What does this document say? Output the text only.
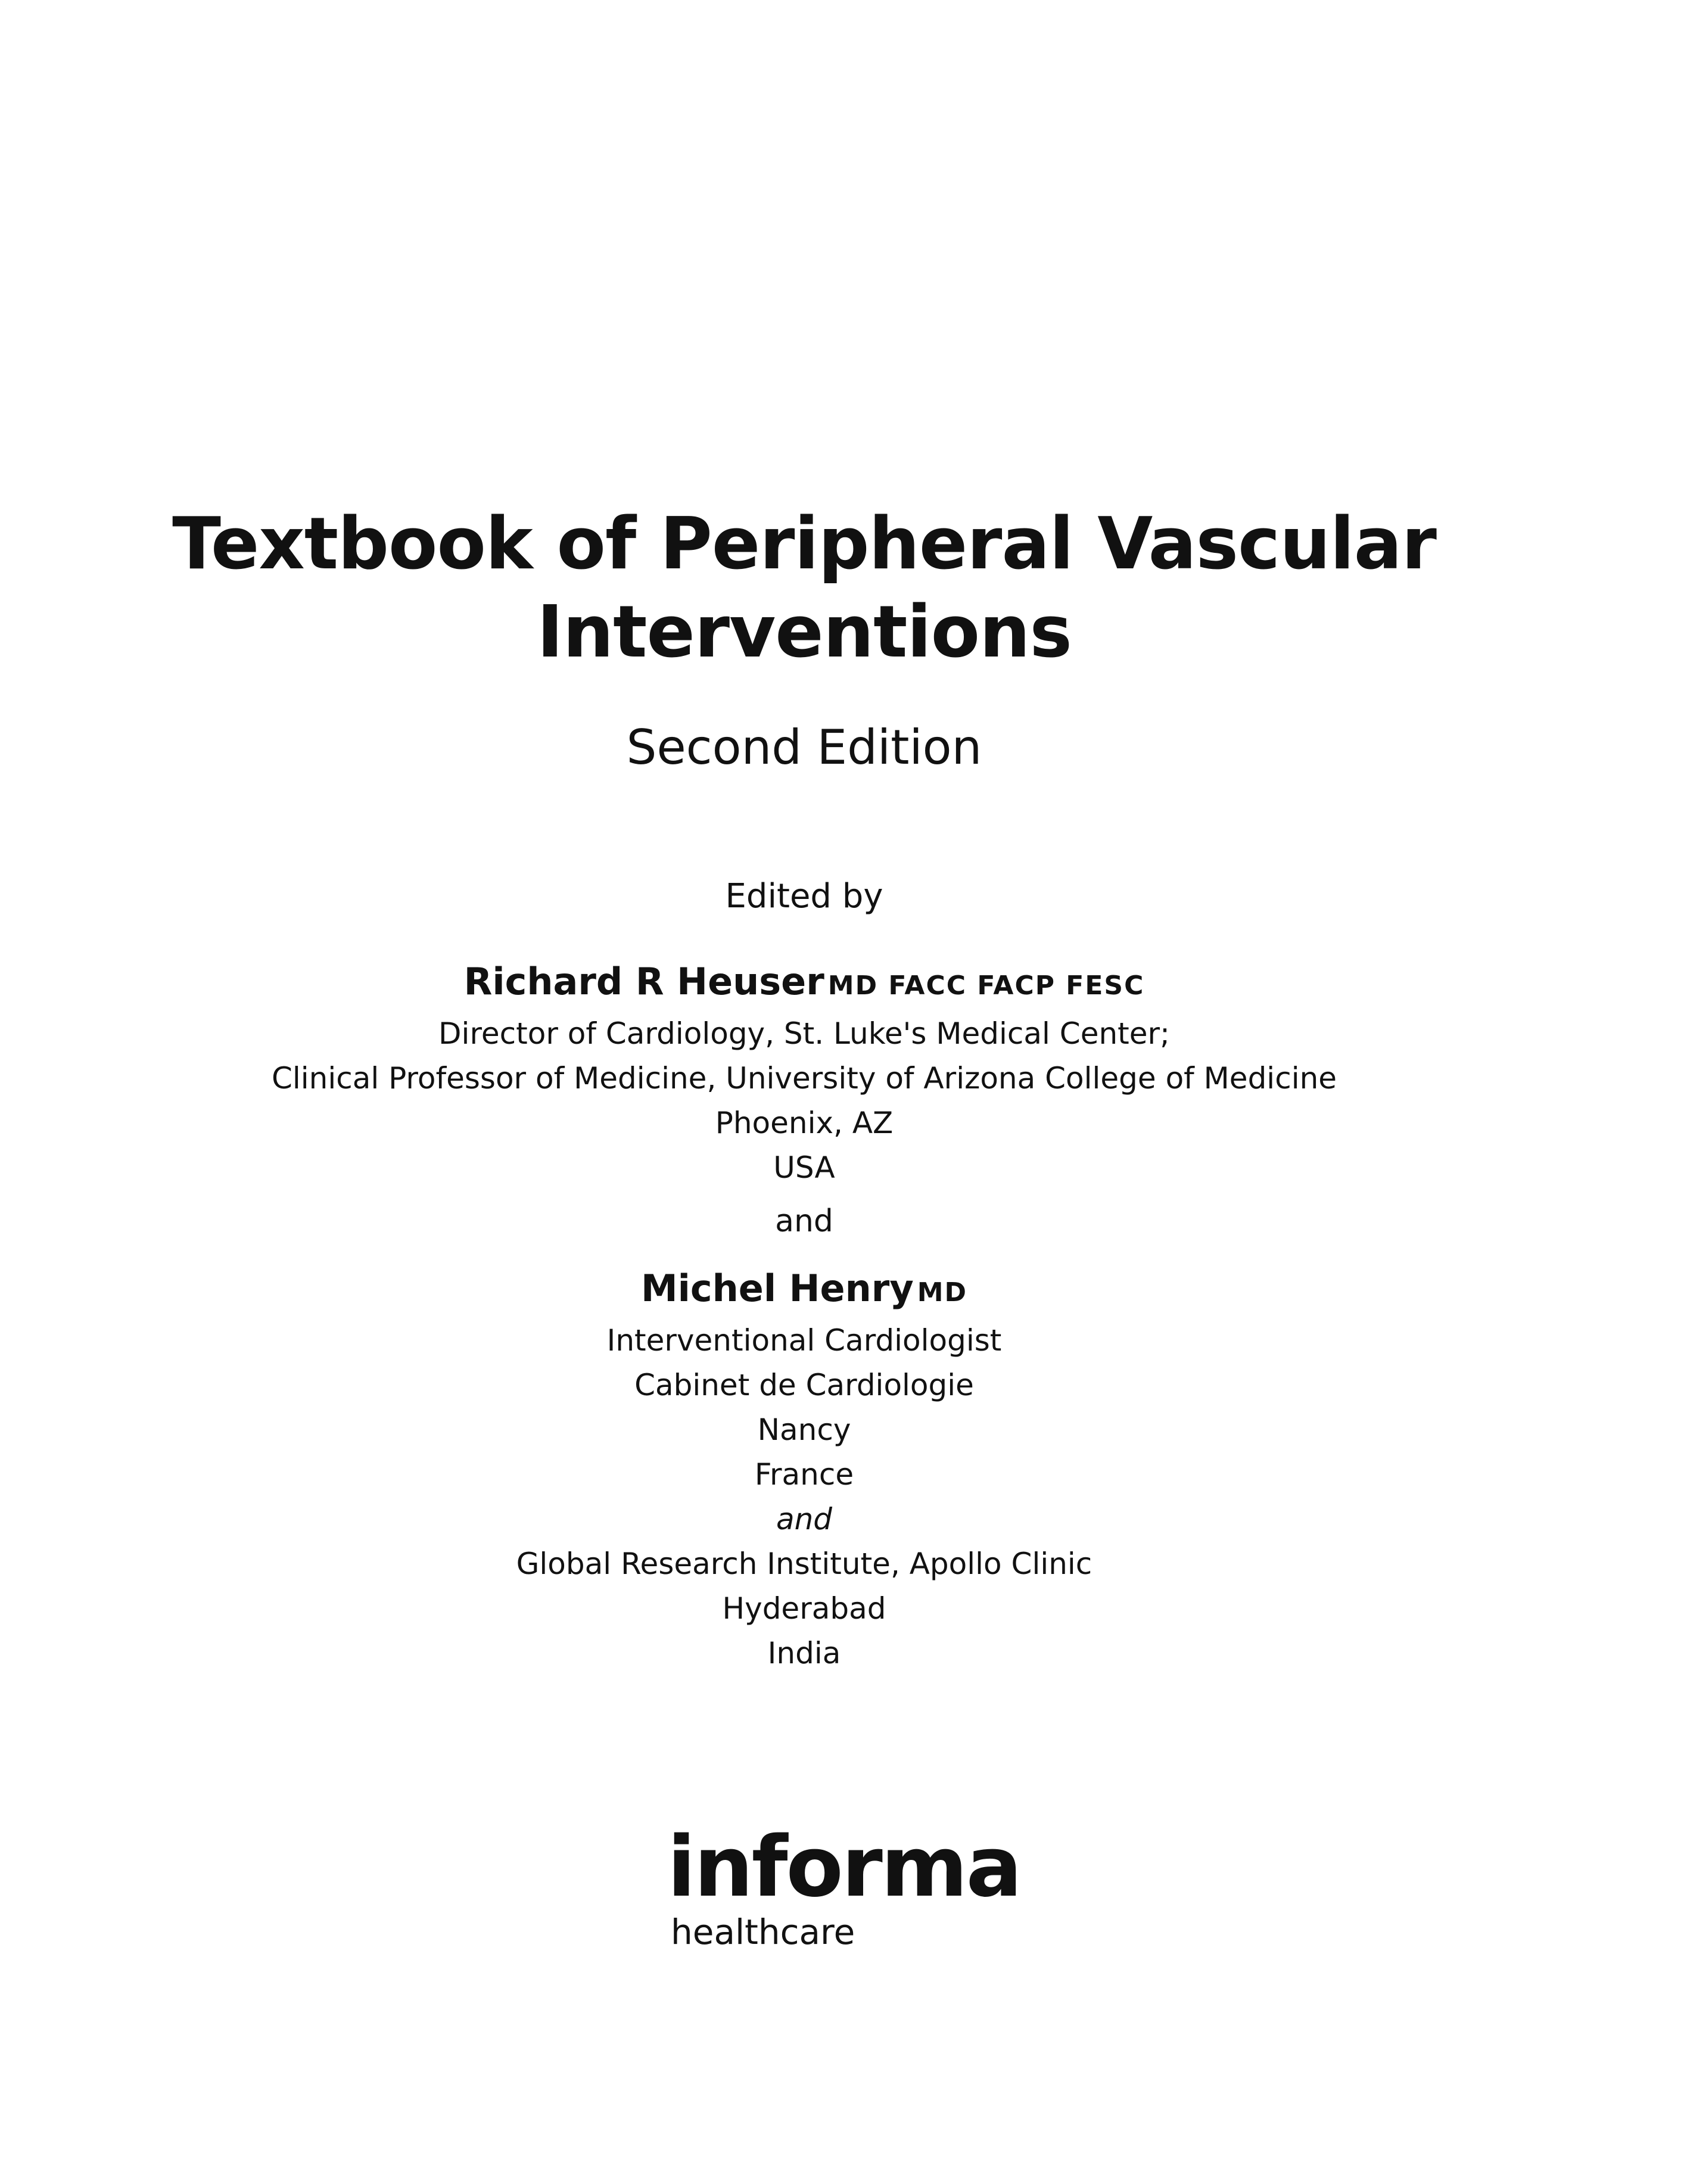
Textbook of Peripheral Vascular
Interventions
Second Edition
Edited by
Richard R Heuser MD FACC FACP FESC
Director of Cardiology, St. Luke's Medical Center;
Clinical Professor of Medicine, University of Arizona College of Medicine
Phoenix, AZ
USA
and
Michel Henry MD
Interventional Cardiologist
Cabinet de Cardiologie
Nancy
France
and
Global Research Institute, Apollo Clinic
Hyderabad
India
informa
healthcare
